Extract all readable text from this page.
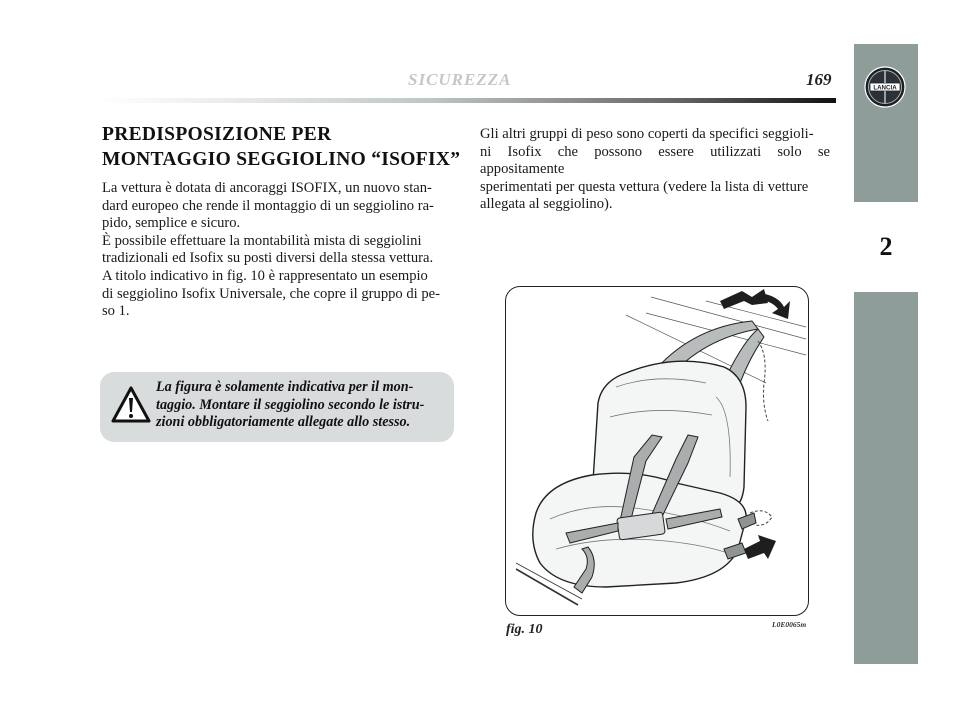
SICUREZZA	169	LANCIA
2
PREDISPOSIZIONE PER
MONTAGGIO SEGGIOLINO “ISOFIX”
La vettura è dotata di ancoraggi ISOFIX, un nuovo stan-
dard europeo che rende il montaggio di un seggiolino ra-
pido, semplice e sicuro.
È possibile effettuare la montabilità mista di seggiolini
tradizionali ed Isofix su posti diversi della stessa vettura.
A titolo indicativo in fig. 10 è rappresentato un esempio
di seggiolino Isofix Universale, che copre il gruppo di pe-
so 1.
Gli altri gruppi di peso sono coperti da specifici seggioli-
ni Isofix che possono essere utilizzati solo se appositamente
sperimentati per questa vettura (vedere la lista di vetture
allegata al seggiolino).
La figura è solamente indicativa per il mon-
taggio. Montare il seggiolino secondo le istru-
zioni obbligatoriamente allegate allo stesso.
fig. 10	L0E0065m
